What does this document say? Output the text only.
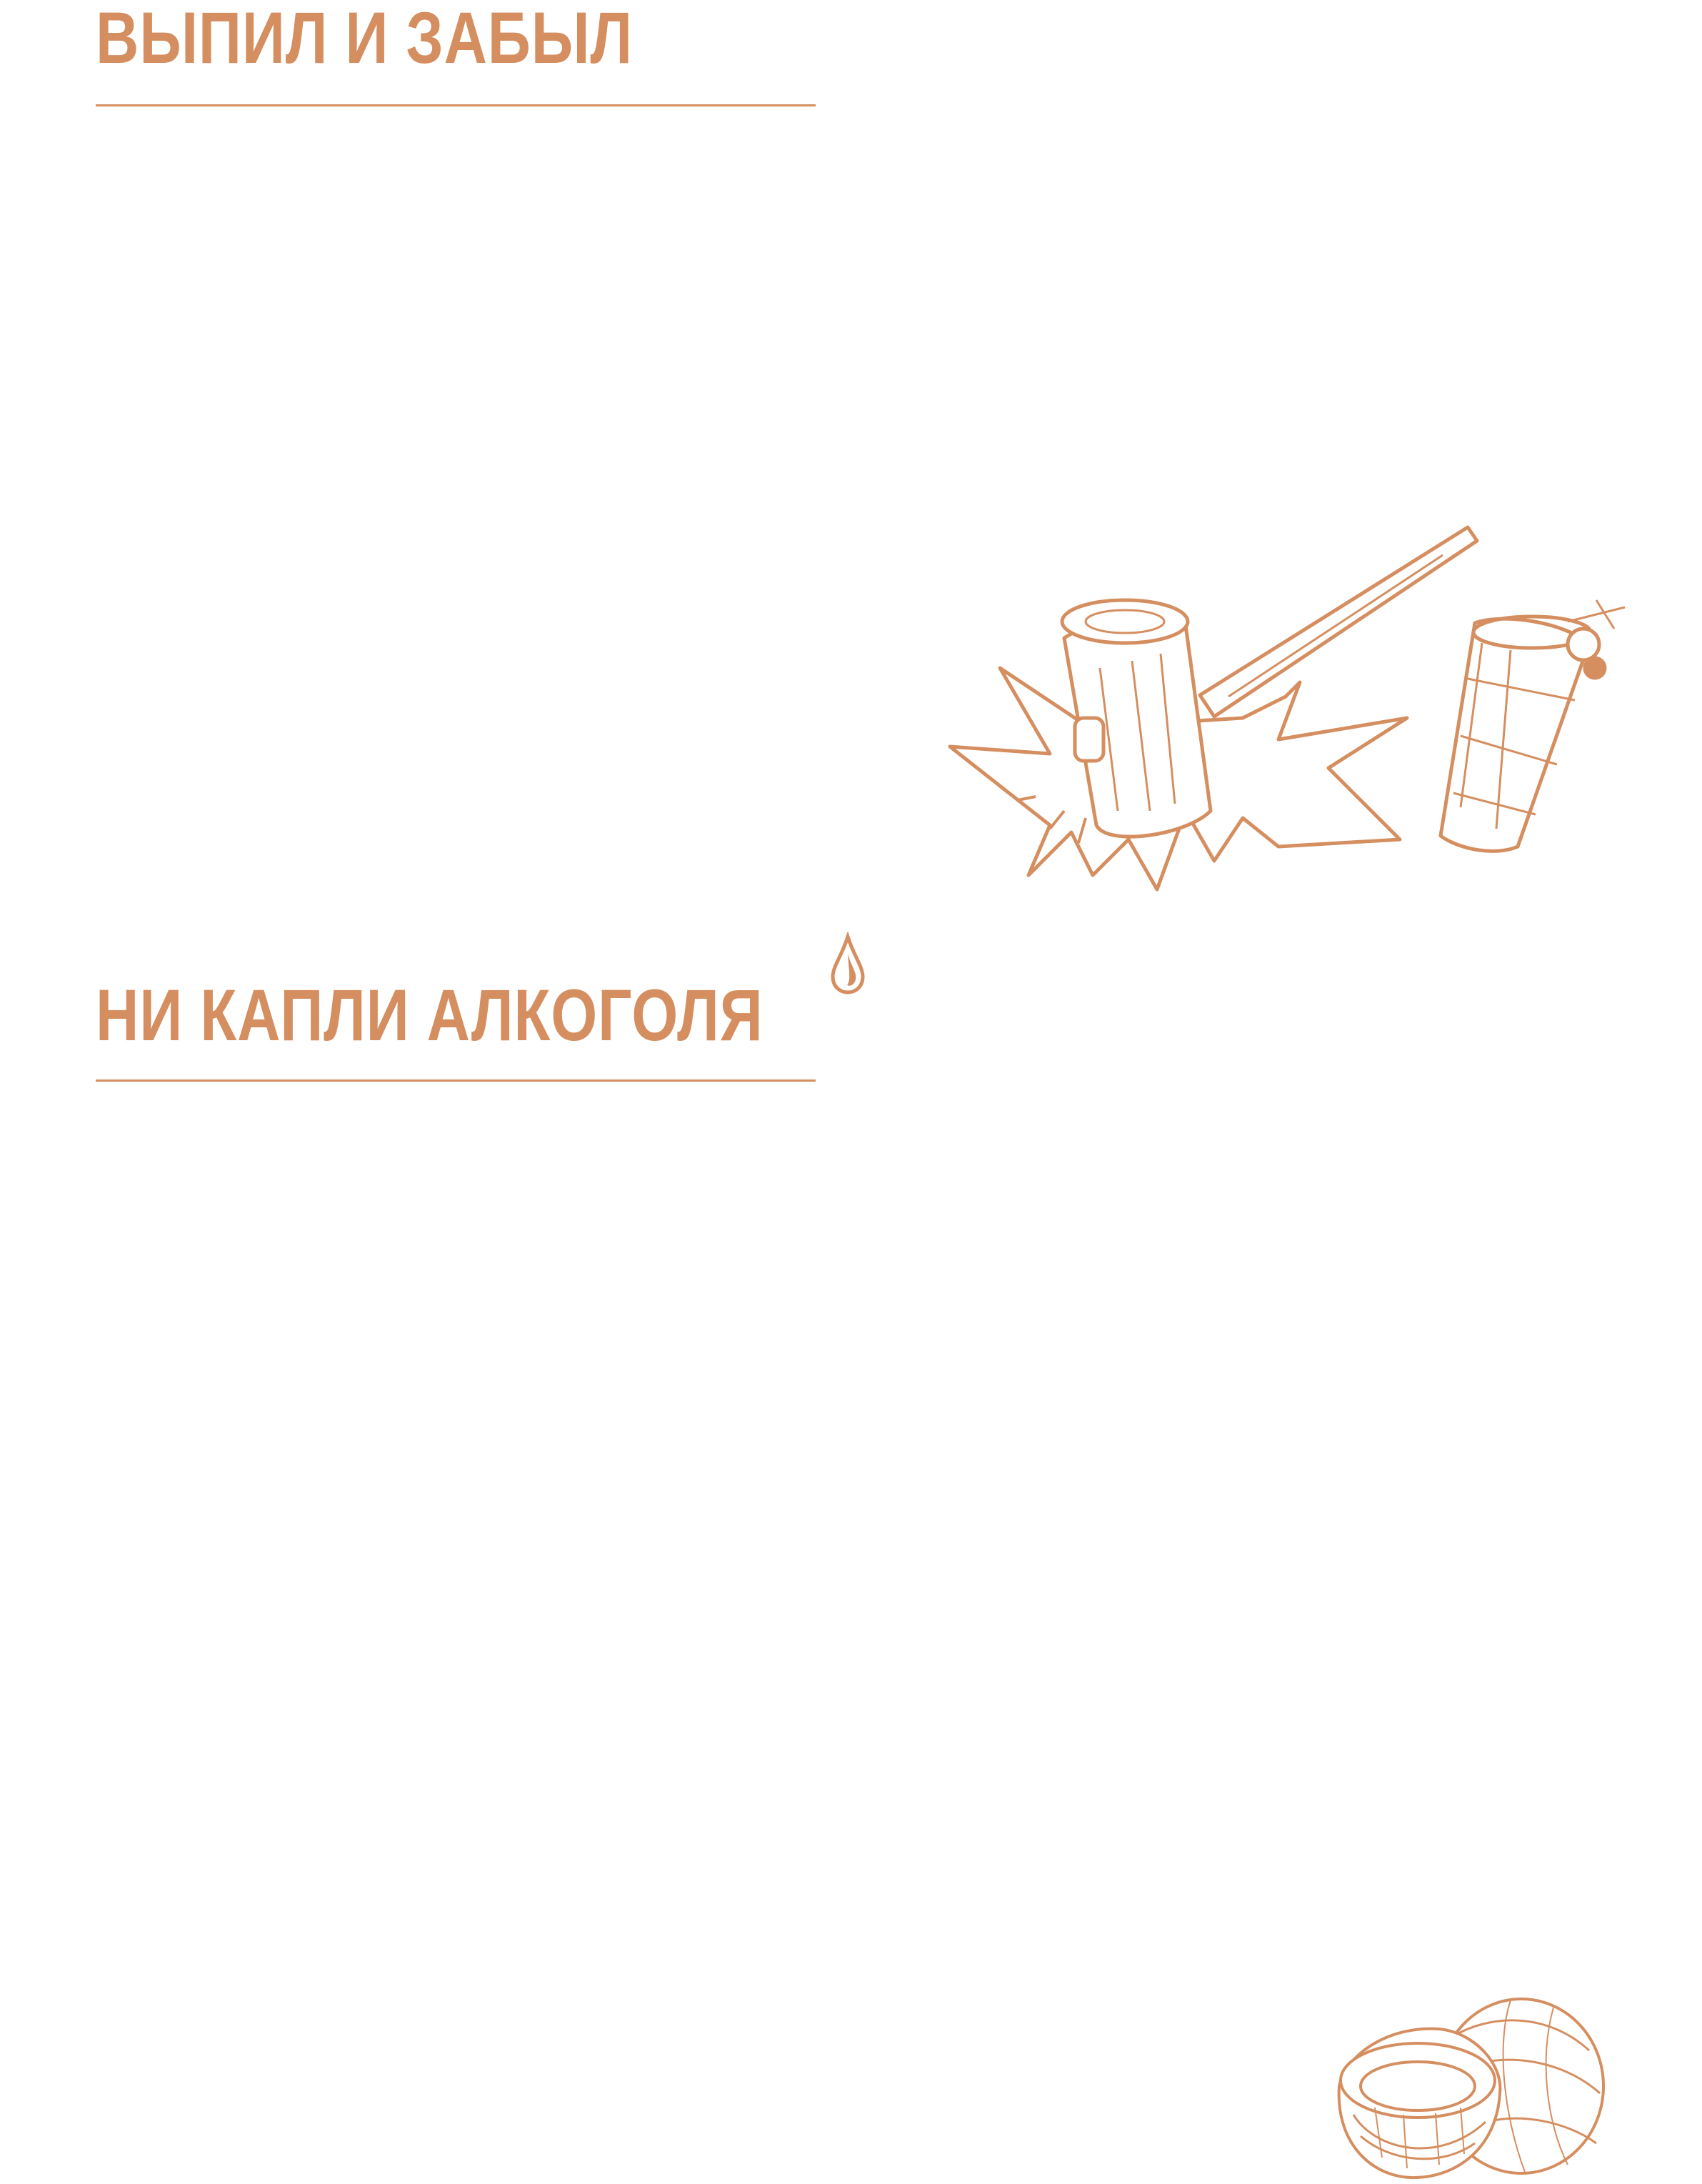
ВЫПИЛ И ЗАБЫЛ
НИ КАПЛИ АЛКОГОЛЯ
